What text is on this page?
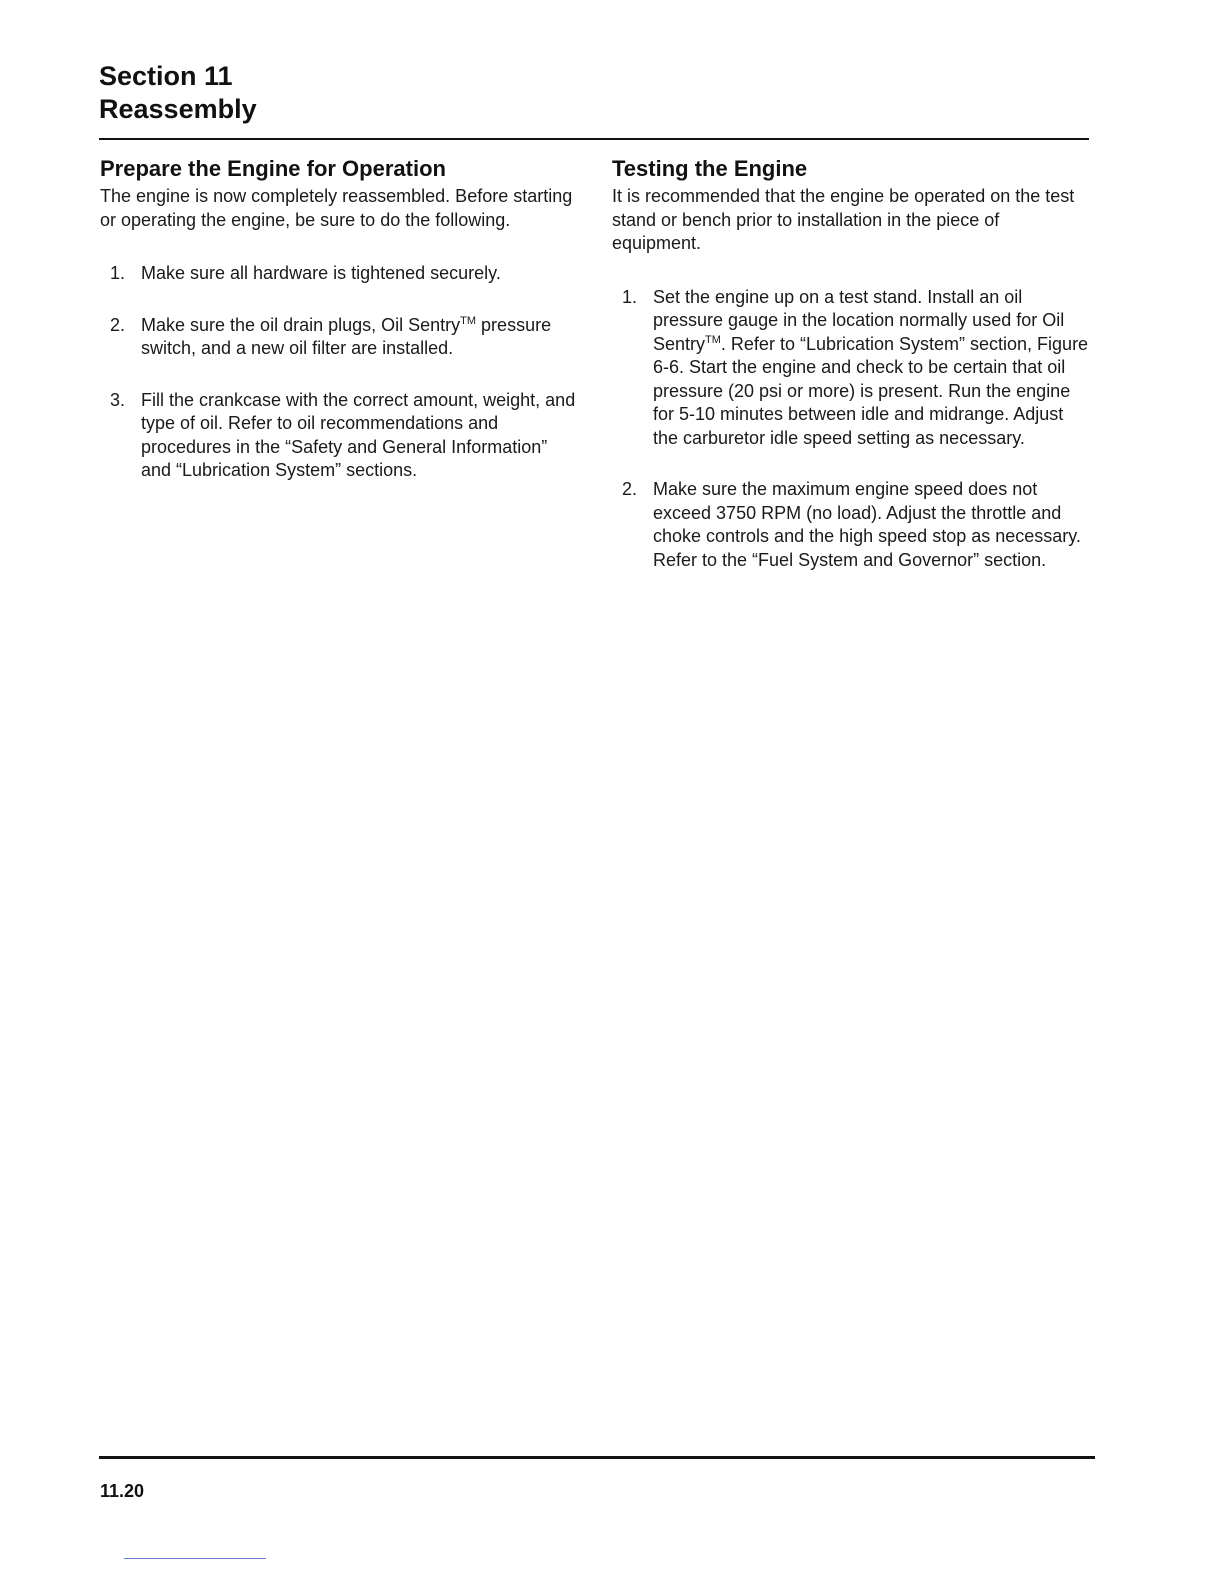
Section 11
Reassembly
Prepare the Engine for Operation

The engine is now completely reassembled. Before starting or operating the engine, be sure to do the following.

1. Make sure all hardware is tightened securely.
2. Make sure the oil drain plugs, Oil Sentry™ pressure switch, and a new oil filter are installed.
3. Fill the crankcase with the correct amount, weight, and type of oil. Refer to oil recommendations and procedures in the “Safety and General Information” and “Lubrication System” sections.
Testing the Engine

It is recommended that the engine be operated on the test stand or bench prior to installation in the piece of equipment.

1. Set the engine up on a test stand. Install an oil pressure gauge in the location normally used for Oil Sentry™. Refer to “Lubrication System” section, Figure 6-6. Start the engine and check to be certain that oil pressure (20 psi or more) is present. Run the engine for 5-10 minutes between idle and midrange. Adjust the carburetor idle speed setting as necessary.
2. Make sure the maximum engine speed does not exceed 3750 RPM (no load). Adjust the throttle and choke controls and the high speed stop as necessary. Refer to the “Fuel System and Governor” section.
11.20
